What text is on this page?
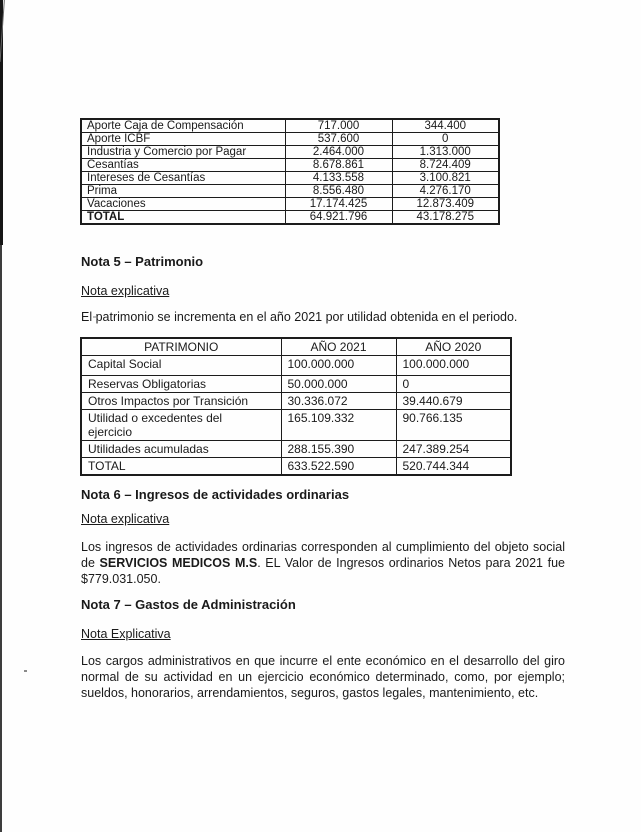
Aporte Caja de Compensación	717.000	344.400
Aporte ICBF	537.600	0
Industria y Comercio por Pagar	2.464.000	1.313.000
Cesantías	8.678.861	8.724.409
Intereses de Cesantías	4.133.558	3.100.821
Prima	8.556.480	4.276.170
Vacaciones	17.174.425	12.873.409
TOTAL	64.921.796	43.178.275
Nota 5 – Patrimonio
Nota explicativa
El patrimonio se incrementa en el año 2021 por utilidad obtenida en el periodo.
PATRIMONIO	AÑO 2021	AÑO 2020
Capital Social	100.000.000	100.000.000
Reservas Obligatorias	50.000.000	0
Otros Impactos por Transición	30.336.072	39.440.679

Utilidad o excedentes del ejercicio	165.109.332	90.766.135
Utilidades acumuladas	288.155.390	247.389.254
TOTAL	633.522.590	520.744.344
Nota 6 – Ingresos de actividades ordinarias
Nota explicativa
Los ingresos de actividades ordinarias corresponden al cumplimiento del objeto social de SERVICIOS MEDICOS M.S. EL Valor de Ingresos ordinarios Netos para 2021 fue $779.031.050.
Nota 7 – Gastos de Administración
Nota Explicativa
Los cargos administrativos en que incurre el ente económico en el desarrollo del giro normal de su actividad en un ejercicio económico determinado, como, por ejemplo; sueldos, honorarios, arrendamientos, seguros, gastos legales, mantenimiento, etc.
